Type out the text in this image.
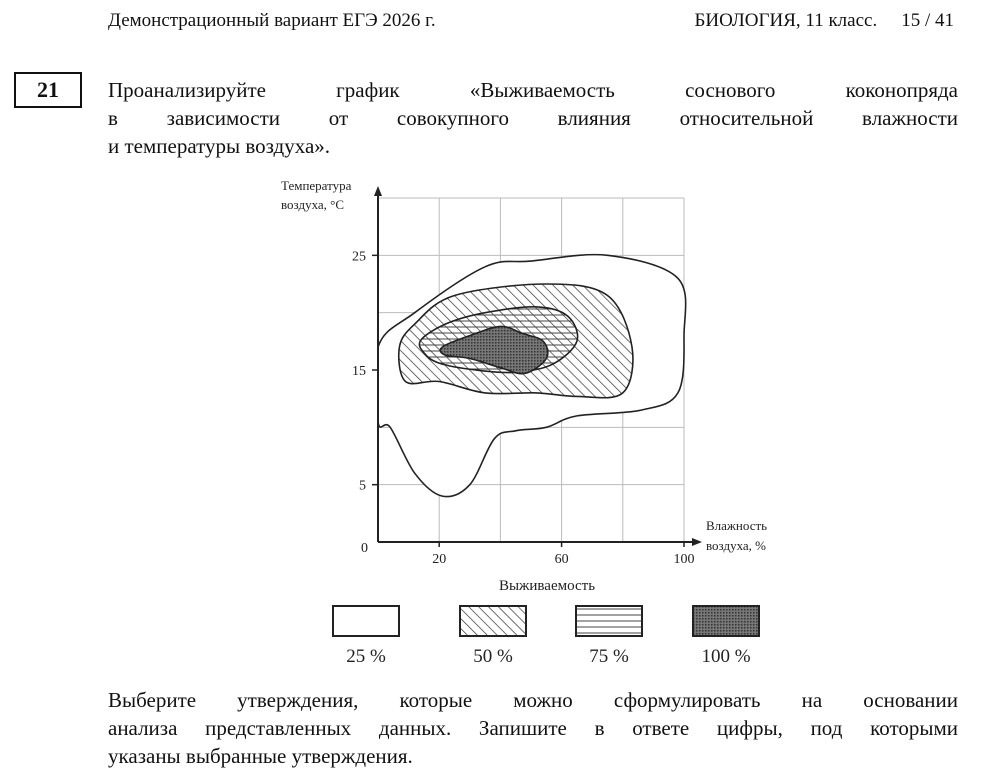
Демонстрационный вариант ЕГЭ 2026 г.	БИОЛОГИЯ, 11 класс. 15 / 41
21 Проанализируйте график «Выживаемость соснового коконопряда
в зависимости от совокупного влияния относительной влажности
и температуры воздуха».
20	60	100
25
15
5
Температура
воздуха, °С
Влажность
воздуха, %
0
Выживаемость
25 %	50 %	75 %	100 %
Выберите утверждения, которые можно сформулировать на основании
анализа представленных данных. Запишите в ответе цифры, под которыми
указаны выбранные утверждения.
